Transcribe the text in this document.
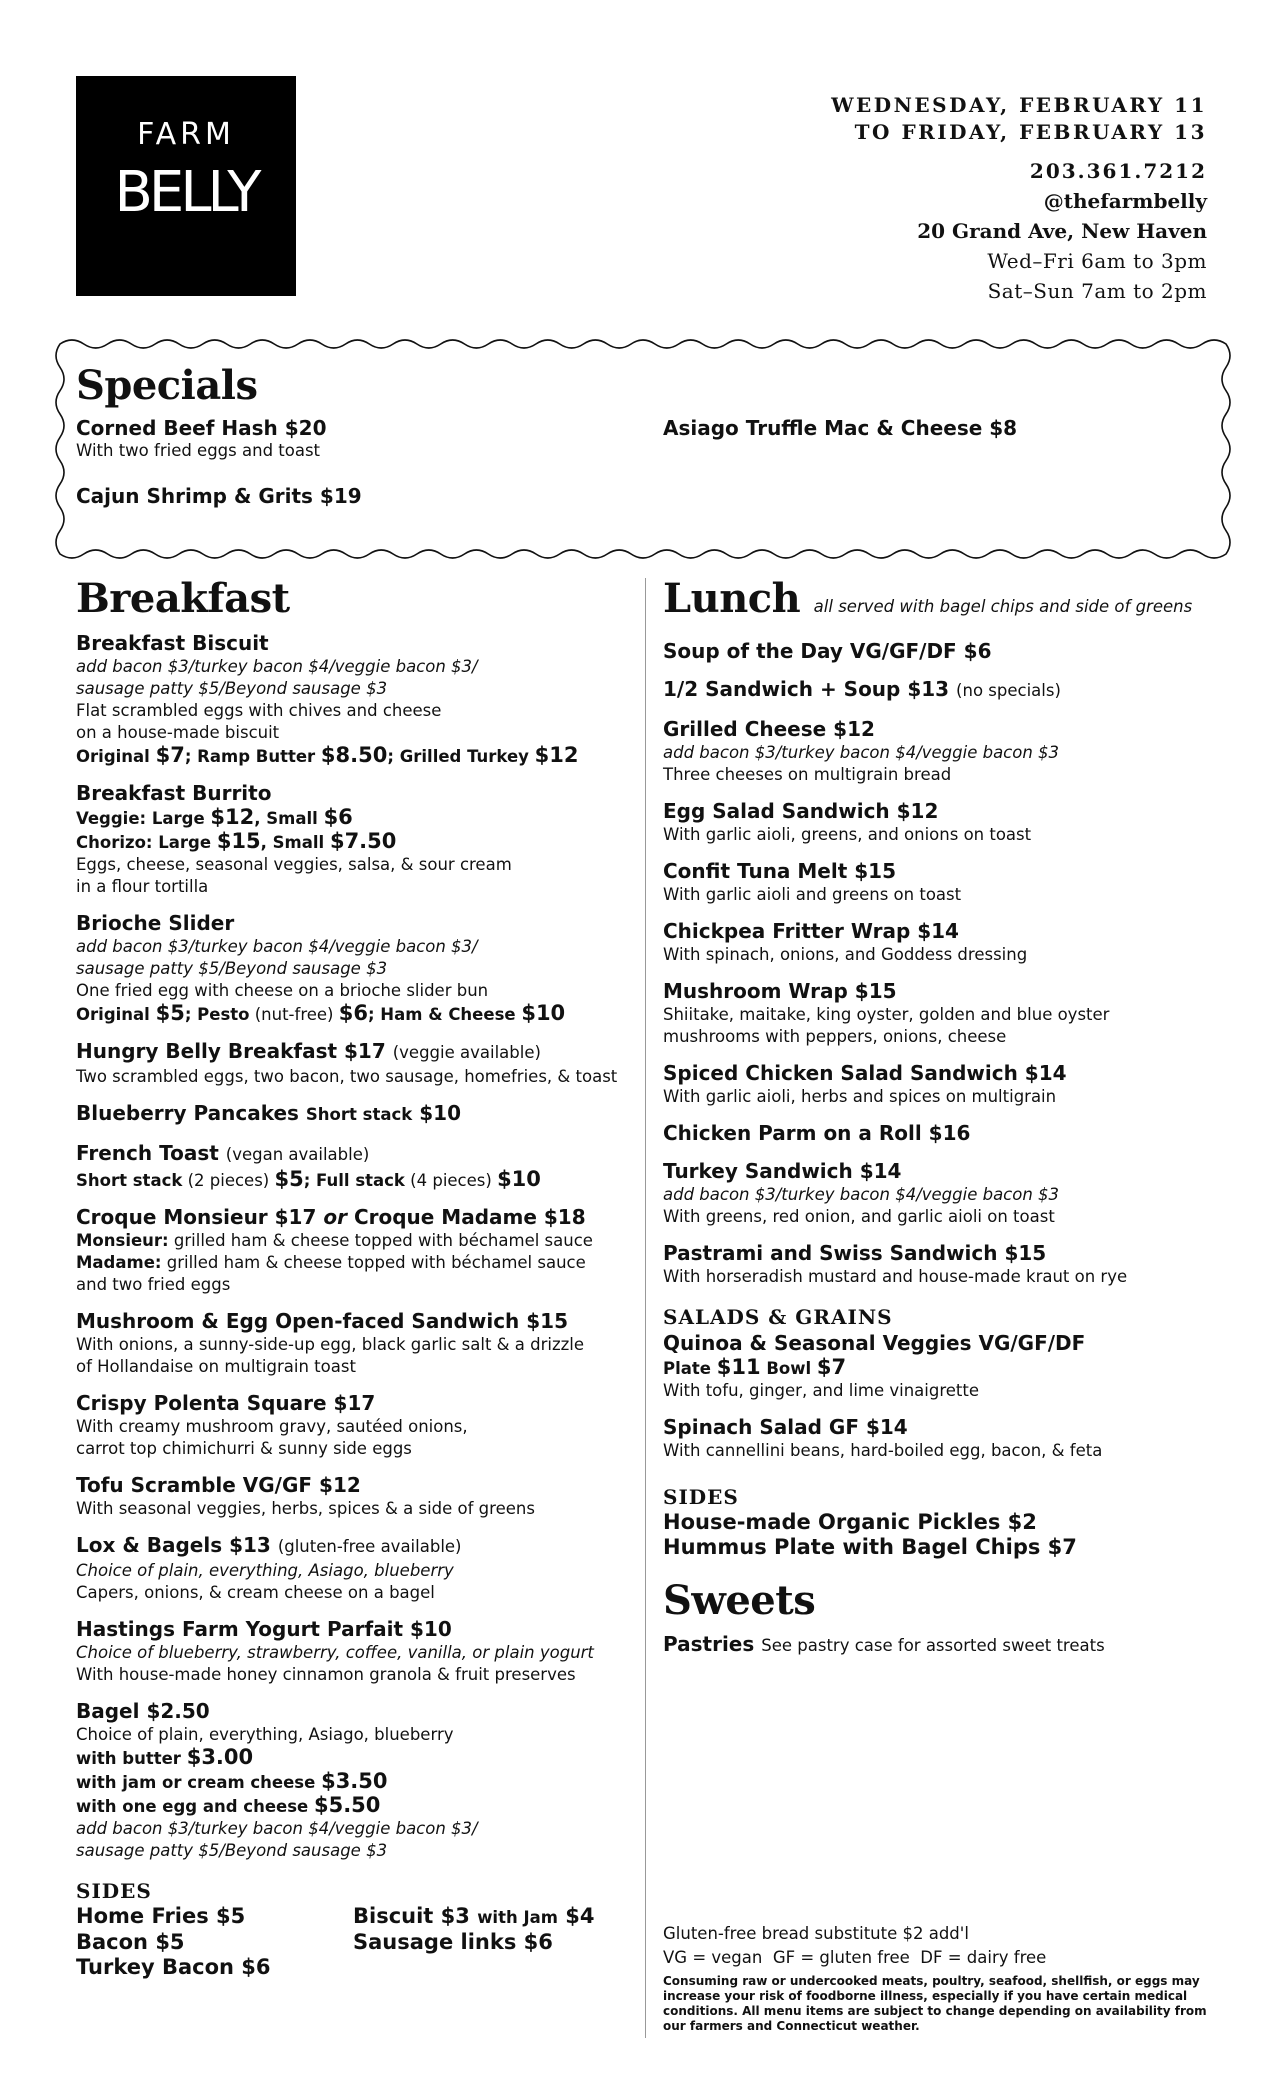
FARM
BELLY
WEDNESDAY, FEBRUARY 11
TO FRIDAY, FEBRUARY 13
203.361.7212
@thefarmbelly
20 Grand Ave, New Haven
Wed–Fri 6am to 3pm
Sat–Sun 7am to 2pm
Specials
Corned Beef Hash $20
With two fried eggs and toast
Cajun Shrimp & Grits $19
Asiago Truffle Mac & Cheese $8
Breakfast
Breakfast Biscuit
add bacon $3/turkey bacon $4/veggie bacon $3/
sausage patty $5/Beyond sausage $3
Flat scrambled eggs with chives and cheese
on a house-made biscuit
Original $7; Ramp Butter $8.50; Grilled Turkey $12
Breakfast Burrito
Veggie: Large $12, Small $6
Chorizo: Large $15, Small $7.50
Eggs, cheese, seasonal veggies, salsa, & sour cream
in a flour tortilla
Brioche Slider
add bacon $3/turkey bacon $4/veggie bacon $3/
sausage patty $5/Beyond sausage $3
One fried egg with cheese on a brioche slider bun
Original $5; Pesto (nut-free) $6; Ham & Cheese $10
Hungry Belly Breakfast $17 (veggie available)
Two scrambled eggs, two bacon, two sausage, homefries, & toast
Blueberry Pancakes Short stack $10
French Toast (vegan available)
Short stack (2 pieces) $5; Full stack (4 pieces) $10
Croque Monsieur $17 or Croque Madame $18
Monsieur: grilled ham & cheese topped with béchamel sauce
Madame: grilled ham & cheese topped with béchamel sauce
and two fried eggs
Mushroom & Egg Open-faced Sandwich $15
With onions, a sunny-side-up egg, black garlic salt & a drizzle
of Hollandaise on multigrain toast
Crispy Polenta Square $17
With creamy mushroom gravy, sautéed onions,
carrot top chimichurri & sunny side eggs
Tofu Scramble VG/GF $12
With seasonal veggies, herbs, spices & a side of greens
Lox & Bagels $13 (gluten-free available)
Choice of plain, everything, Asiago, blueberry
Capers, onions, & cream cheese on a bagel
Hastings Farm Yogurt Parfait $10
Choice of blueberry, strawberry, coffee, vanilla, or plain yogurt
With house-made honey cinnamon granola & fruit preserves
Bagel $2.50
Choice of plain, everything, Asiago, blueberry
with butter $3.00
with jam or cream cheese $3.50
with one egg and cheese $5.50
add bacon $3/turkey bacon $4/veggie bacon $3/
sausage patty $5/Beyond sausage $3
SIDES
Home Fries $5	Biscuit $3 with Jam $4
Bacon $5	Sausage links $6
Turkey Bacon $6
Lunch all served with bagel chips and side of greens
Soup of the Day VG/GF/DF $6
1/2 Sandwich + Soup $13 (no specials)
Grilled Cheese $12
add bacon $3/turkey bacon $4/veggie bacon $3
Three cheeses on multigrain bread
Egg Salad Sandwich $12
With garlic aioli, greens, and onions on toast
Confit Tuna Melt $15
With garlic aioli and greens on toast
Chickpea Fritter Wrap $14
With spinach, onions, and Goddess dressing
Mushroom Wrap $15
Shiitake, maitake, king oyster, golden and blue oyster
mushrooms with peppers, onions, cheese
Spiced Chicken Salad Sandwich $14
With garlic aioli, herbs and spices on multigrain
Chicken Parm on a Roll $16
Turkey Sandwich $14
add bacon $3/turkey bacon $4/veggie bacon $3
With greens, red onion, and garlic aioli on toast
Pastrami and Swiss Sandwich $15
With horseradish mustard and house-made kraut on rye
SALADS & GRAINS
Quinoa & Seasonal Veggies VG/GF/DF
Plate $11 Bowl $7
With tofu, ginger, and lime vinaigrette
Spinach Salad GF $14
With cannellini beans, hard-boiled egg, bacon, & feta
SIDES
House-made Organic Pickles $2
Hummus Plate with Bagel Chips $7
Sweets
Pastries See pastry case for assorted sweet treats
Gluten-free bread substitute $2 add'l
VG = vegan  GF = gluten free  DF = dairy free
Consuming raw or undercooked meats, poultry, seafood, shellfish, or eggs may
increase your risk of foodborne illness, especially if you have certain medical
conditions. All menu items are subject to change depending on availability from
our farmers and Connecticut weather.
